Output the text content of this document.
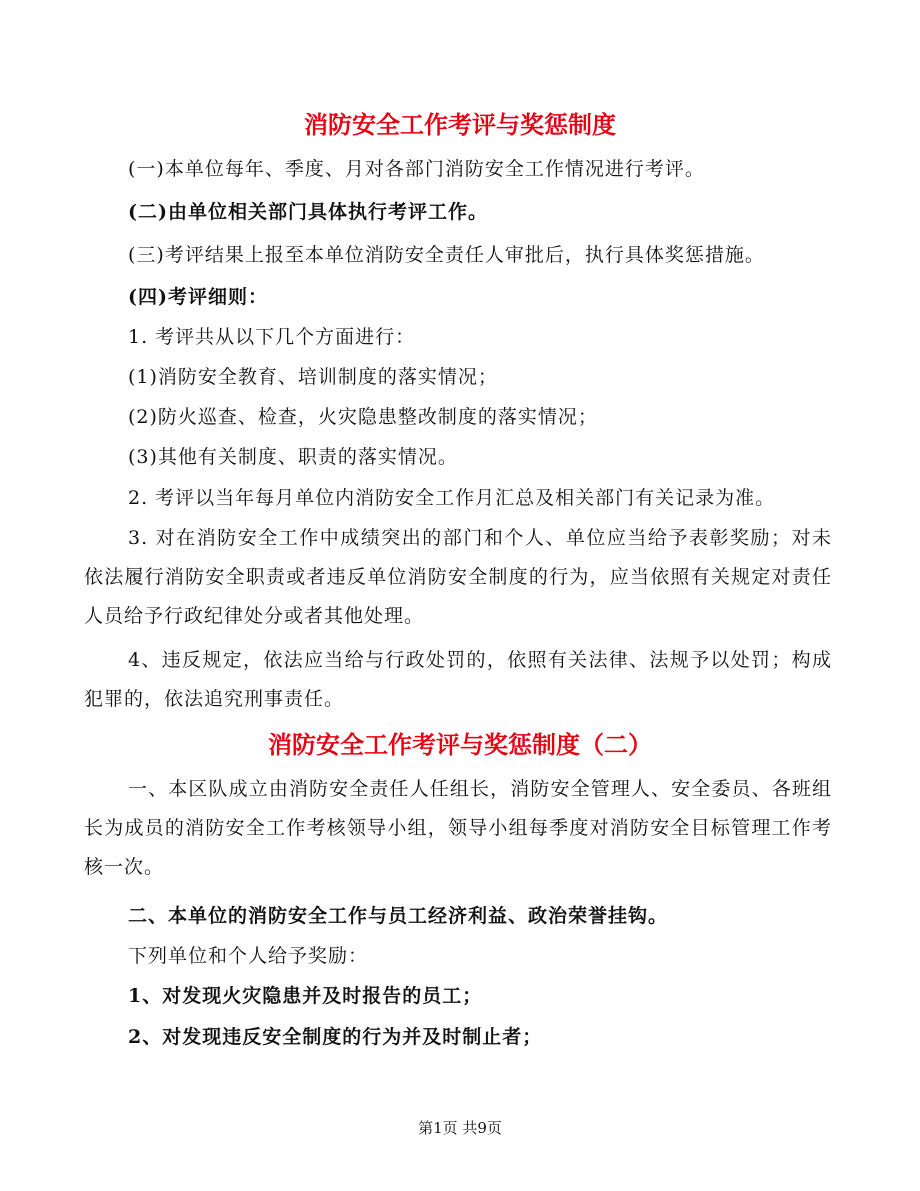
消防安全工作考评与奖惩制度
(一)本单位每年、季度、月对各部门消防安全工作情况进行考评。
(二)由单位相关部门具体执行考评工作。
(三)考评结果上报至本单位消防安全责任人审批后，执行具体奖惩措施。
(四)考评细则：
1. 考评共从以下几个方面进行：
(1)消防安全教育、培训制度的落实情况；
(2)防火巡查、检查，火灾隐患整改制度的落实情况；
(3)其他有关制度、职责的落实情况。
2. 考评以当年每月单位内消防安全工作月汇总及相关部门有关记录为准。
3. 对在消防安全工作中成绩突出的部门和个人、单位应当给予表彰奖励；对未依法履行消防安全职责或者违反单位消防安全制度的行为，应当依照有关规定对责任人员给予行政纪律处分或者其他处理。
4、违反规定，依法应当给与行政处罚的，依照有关法律、法规予以处罚；构成犯罪的，依法追究刑事责任。
消防安全工作考评与奖惩制度（二）
一、本区队成立由消防安全责任人任组长，消防安全管理人、安全委员、各班组长为成员的消防安全工作考核领导小组，领导小组每季度对消防安全目标管理工作考核一次。
二、本单位的消防安全工作与员工经济利益、政治荣誉挂钩。
下列单位和个人给予奖励：
1、对发现火灾隐患并及时报告的员工；
2、对发现违反安全制度的行为并及时制止者；
第1页 共9页
